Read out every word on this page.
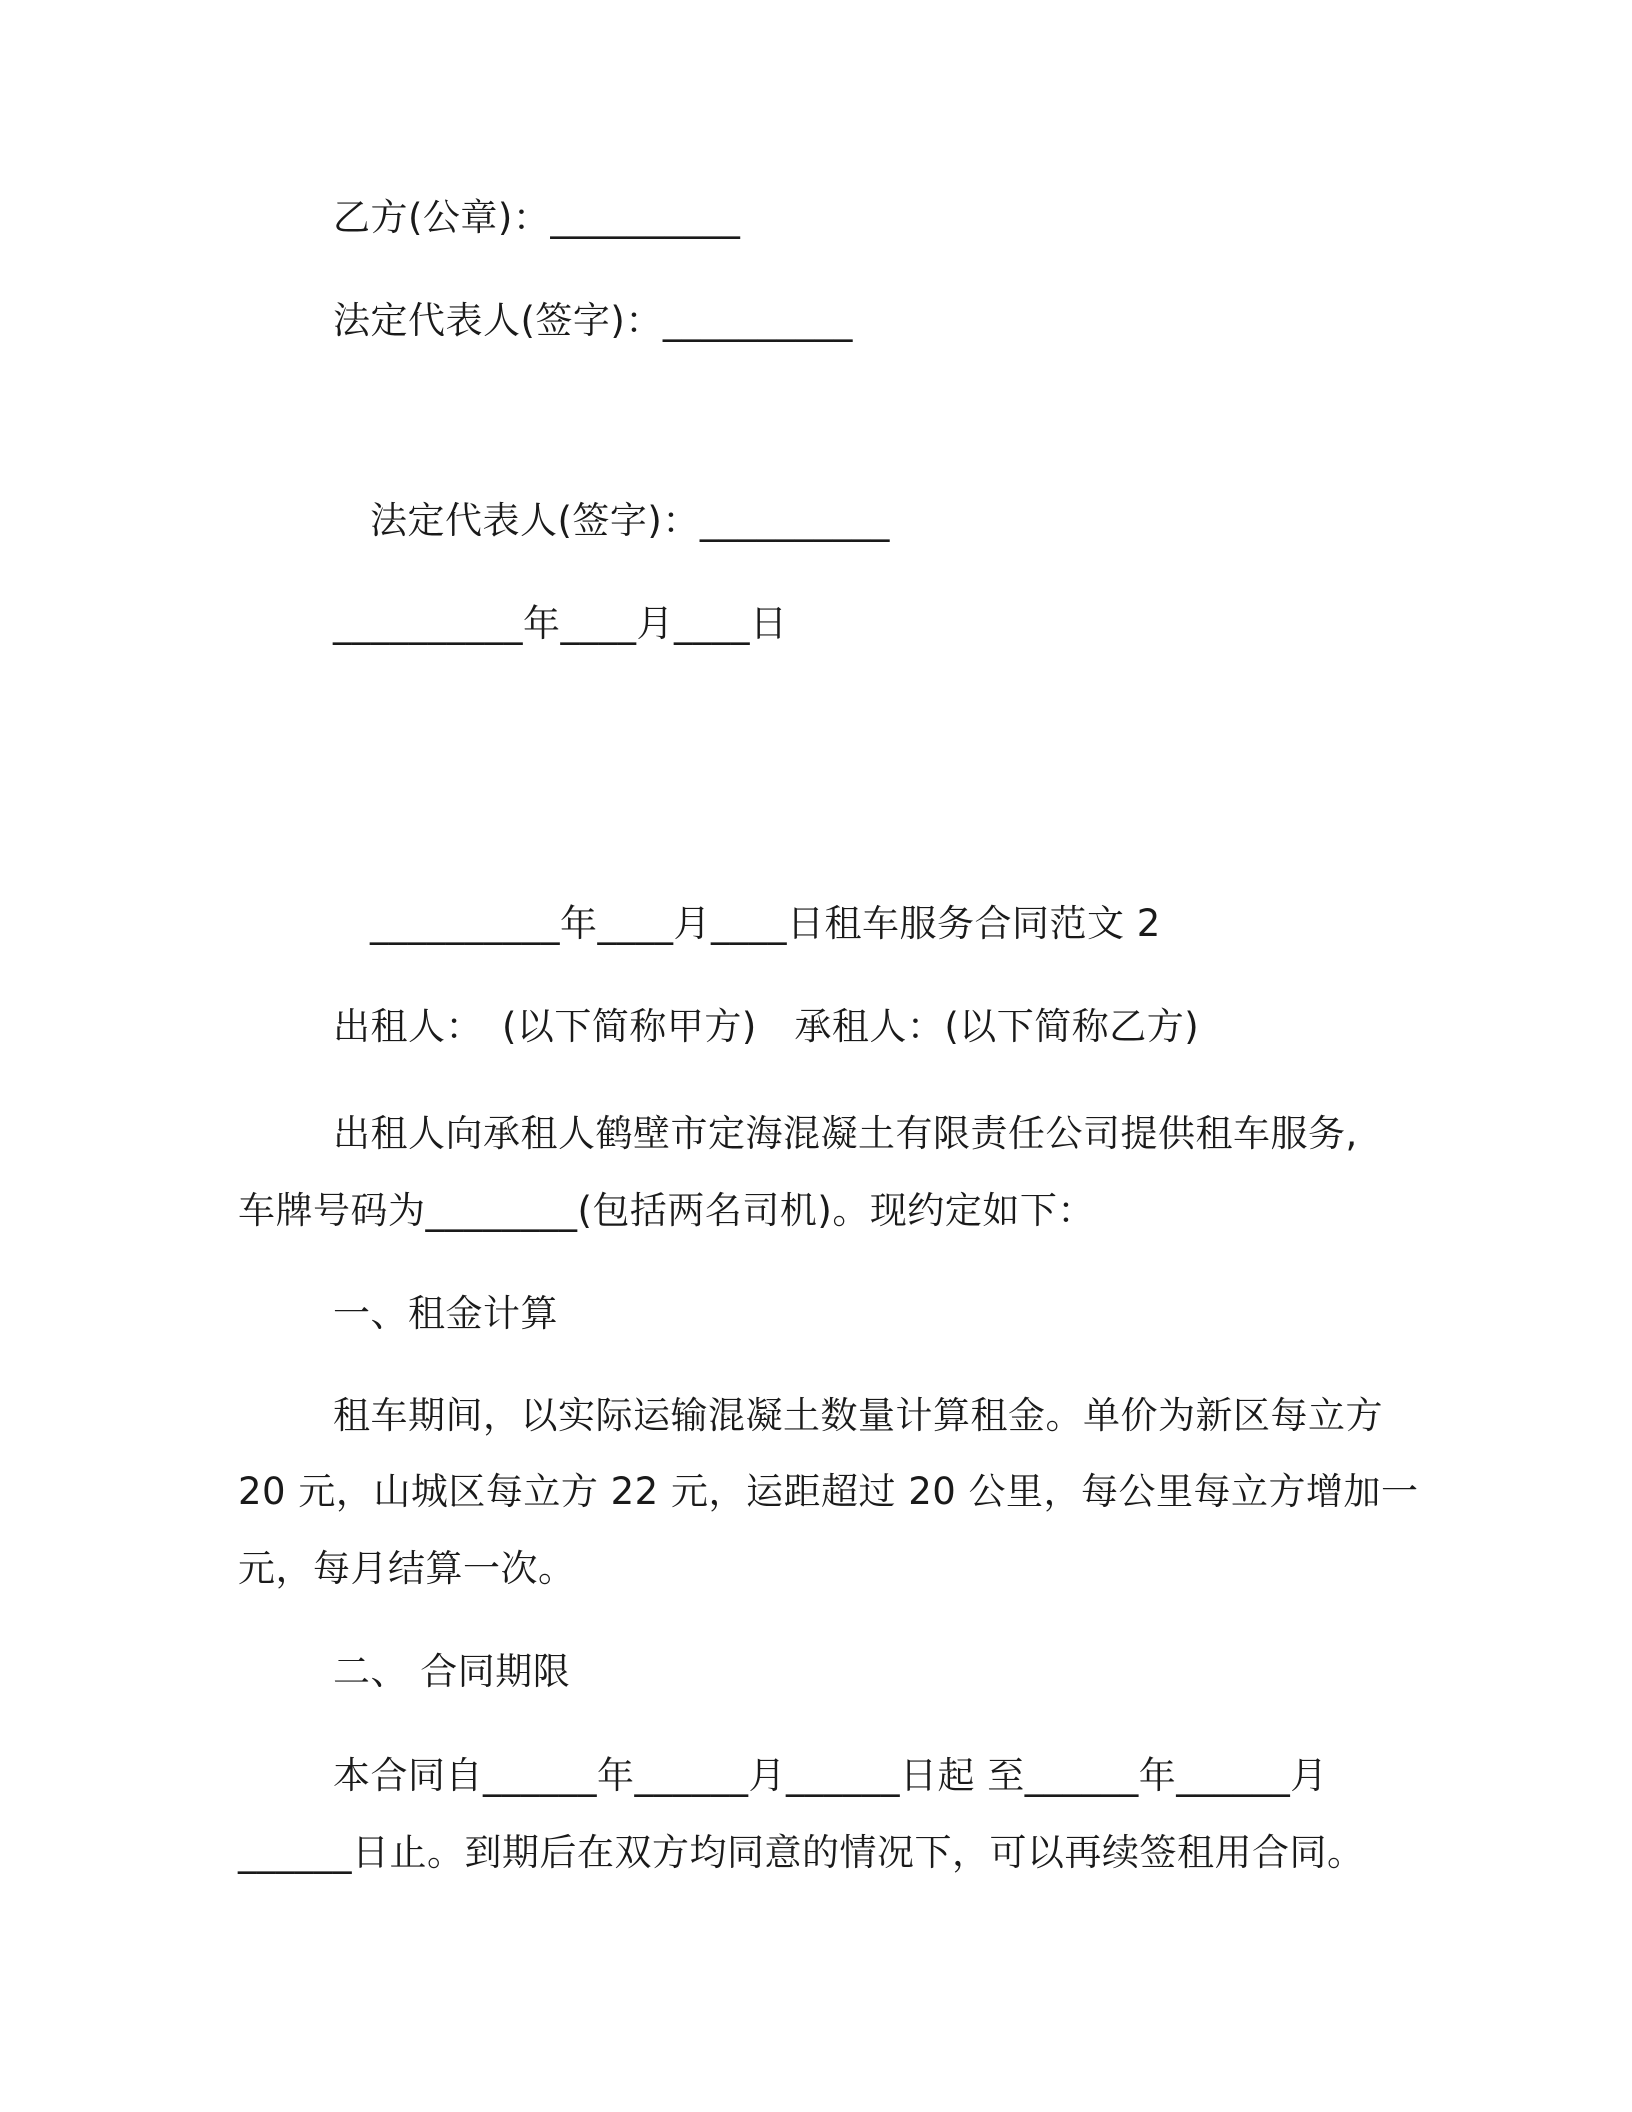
乙方(公章)：__________
法定代表人(签字)：__________
法定代表人(签字)：__________
__________年____月____日
__________年____月____日租车服务合同范文 2
出租人：　(以下简称甲方)　承租人：(以下简称乙方)
出租人向承租人鹤壁市定海混凝土有限责任公司提供租车服务,
车牌号码为________(包括两名司机)。现约定如下：
一、租金计算
租车期间，以实际运输混凝土数量计算租金。单价为新区每立方
20 元，山城区每立方 22 元，运距超过 20 公里，每公里每立方增加一
元，每月结算一次。
二、 合同期限
本合同自______年______月______日起 至______年______月
______日止。到期后在双方均同意的情况下，可以再续签租用合同。
